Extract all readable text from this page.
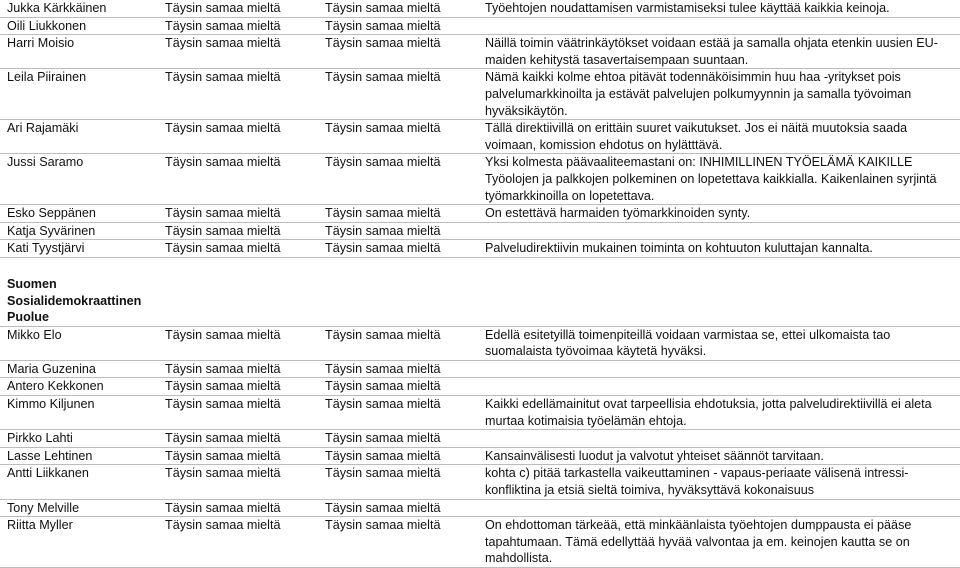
Jukka Kärkkäinen	Täysin samaa mieltä	Täysin samaa mieltä	Työehtojen noudattamisen varmistamiseksi tulee käyttää kaikkia keinoja.
Oili Liukkonen	Täysin samaa mieltä	Täysin samaa mieltä	
Harri Moisio	Täysin samaa mieltä	Täysin samaa mieltä	Näillä toimin väätrinkäytökset voidaan estää ja samalla ohjata etenkin uusien EU-maiden kehitystä tasavertaisempaan suuntaan.
Leila Piirainen	Täysin samaa mieltä	Täysin samaa mieltä	Nämä kaikki kolme ehtoa pitävät todennäköisimmin huu haa -yritykset pois palvelumarkkinoilta ja estävät palvelujen polkumyynnin ja samalla työvoiman hyväksikäytön.
Ari Rajamäki	Täysin samaa mieltä	Täysin samaa mieltä	Tällä direktiivillä on erittäin suuret vaikutukset. Jos ei näitä muutoksia saada voimaan, komission ehdotus on hylätttävä.
Jussi Saramo	Täysin samaa mieltä	Täysin samaa mieltä	Yksi kolmesta päävaaliteemastani on: INHIMILLINEN TYÖELÄMÄ KAIKILLE Työolojen ja palkkojen polkeminen on lopetettava kaikkialla. Kaikenlainen syrjintä työmarkkinoilla on lopetettava.
Esko Seppänen	Täysin samaa mieltä	Täysin samaa mieltä	On estettävä harmaiden työmarkkinoiden synty.
Katja Syvärinen	Täysin samaa mieltä	Täysin samaa mieltä	
Kati Tyystjärvi	Täysin samaa mieltä	Täysin samaa mieltä	Palveludirektiivin mukainen toiminta on kohtuuton kuluttajan kannalta.

Suomen
Sosialidemokraattinen
Puolue			

Mikko Elo	Täysin samaa mieltä	Täysin samaa mieltä	Edellä esitetyillä toimenpiteillä voidaan varmistaa se, ettei ulkomaista tao suomalaista työvoimaa käytetä hyväksi.
Maria Guzenina	Täysin samaa mieltä	Täysin samaa mieltä	
Antero Kekkonen	Täysin samaa mieltä	Täysin samaa mieltä	
Kimmo Kiljunen	Täysin samaa mieltä	Täysin samaa mieltä	Kaikki edellämainitut ovat tarpeellisia ehdotuksia, jotta palveludirektiivillä ei aleta murtaa kotimaisia työelämän ehtoja.
Pirkko Lahti	Täysin samaa mieltä	Täysin samaa mieltä	
Lasse Lehtinen	Täysin samaa mieltä	Täysin samaa mieltä	Kansainvälisesti luodut ja valvotut yhteiset säännöt tarvitaan.
Antti Liikkanen	Täysin samaa mieltä	Täysin samaa mieltä	kohta c) pitää tarkastella vaikeuttaminen - vapaus-periaate välisenä intressi-konfliktina ja etsiä sieltä toimiva, hyväksyttävä kokonaisuus
Tony Melville	Täysin samaa mieltä	Täysin samaa mieltä	
Riitta Myller	Täysin samaa mieltä	Täysin samaa mieltä	On ehdottoman tärkeää, että minkäänlaista työehtojen dumppausta ei pääse tapahtumaan. Tämä edellyttää hyvää valvontaa ja em. keinojen kautta se on mahdollista.
